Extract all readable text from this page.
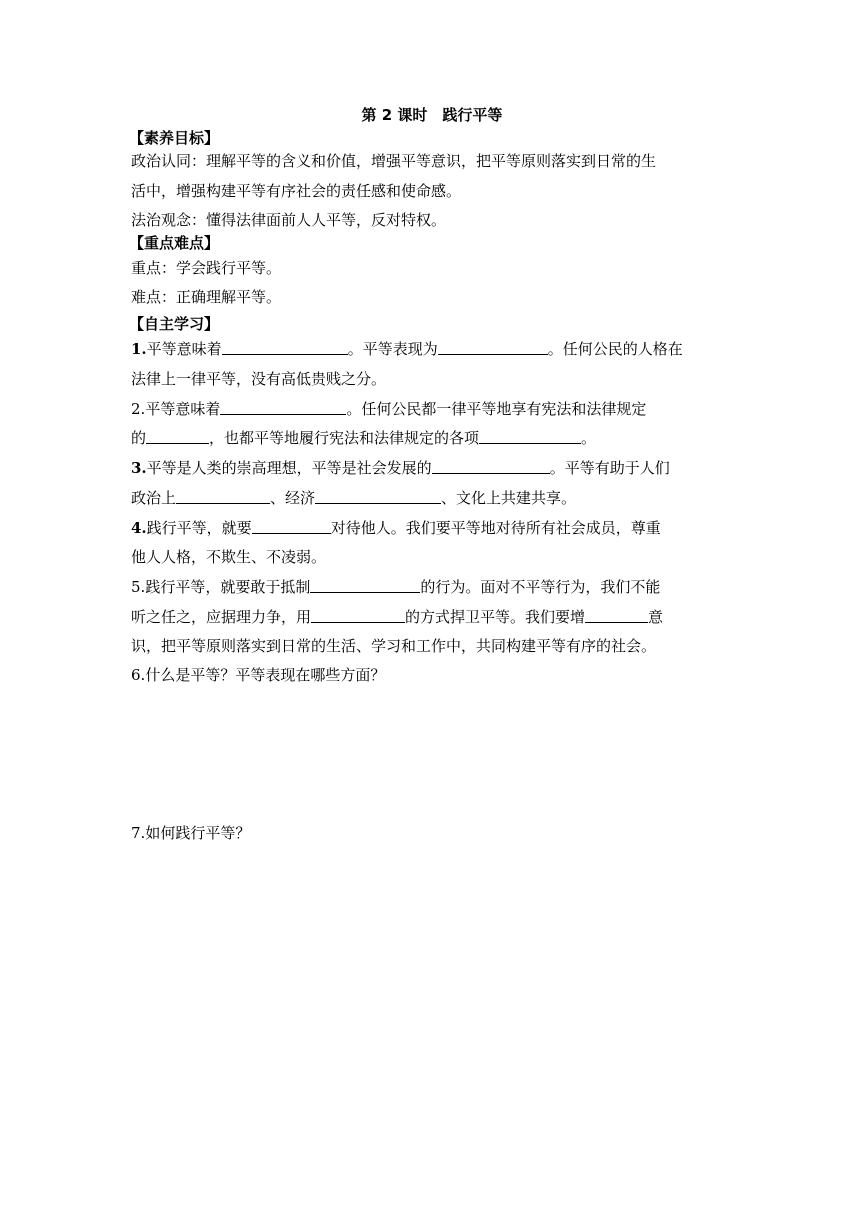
第 2 课时　践行平等
【素养目标】
政治认同：理解平等的含义和价值，增强平等意识，把平等原则落实到日常的生
活中，增强构建平等有序社会的责任感和使命感。
法治观念：懂得法律面前人人平等，反对特权。
【重点难点】
重点：学会践行平等。
难点：正确理解平等。
【自主学习】
1.平等意味着	。平等表现为	。任何公民的人格在
法律上一律平等，没有高低贵贱之分。
2.平等意味着	。任何公民都一律平等地享有宪法和法律规定
的	，也都平等地履行宪法和法律规定的各项	。
3.平等是人类的崇高理想，平等是社会发展的	。平等有助于人们
政治上	、经济	、文化上共建共享。
4.践行平等，就要	对待他人。我们要平等地对待所有社会成员，尊重
他人人格，不欺生、不凌弱。
5.践行平等，就要敢于抵制	的行为。面对不平等行为，我们不能
听之任之，应据理力争，用	的方式捍卫平等。我们要增	意
识，把平等原则落实到日常的生活、学习和工作中，共同构建平等有序的社会。
6.什么是平等？平等表现在哪些方面？
7.如何践行平等？
